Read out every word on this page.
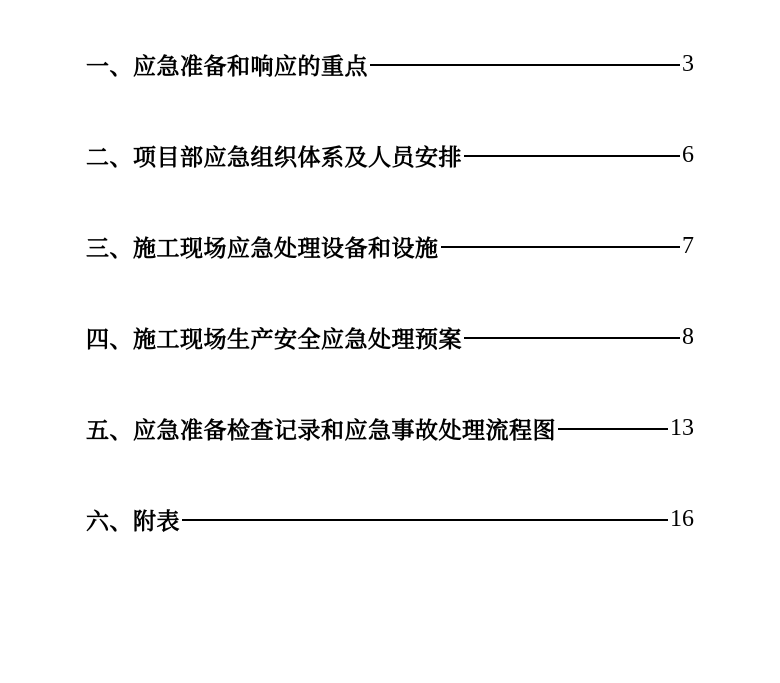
一、应急准备和响应的重点	3
二、项目部应急组织体系及人员安排	6
三、施工现场应急处理设备和设施	7
四、施工现场生产安全应急处理预案	8
五、应急准备检查记录和应急事故处理流程图	13
六、附表	16
